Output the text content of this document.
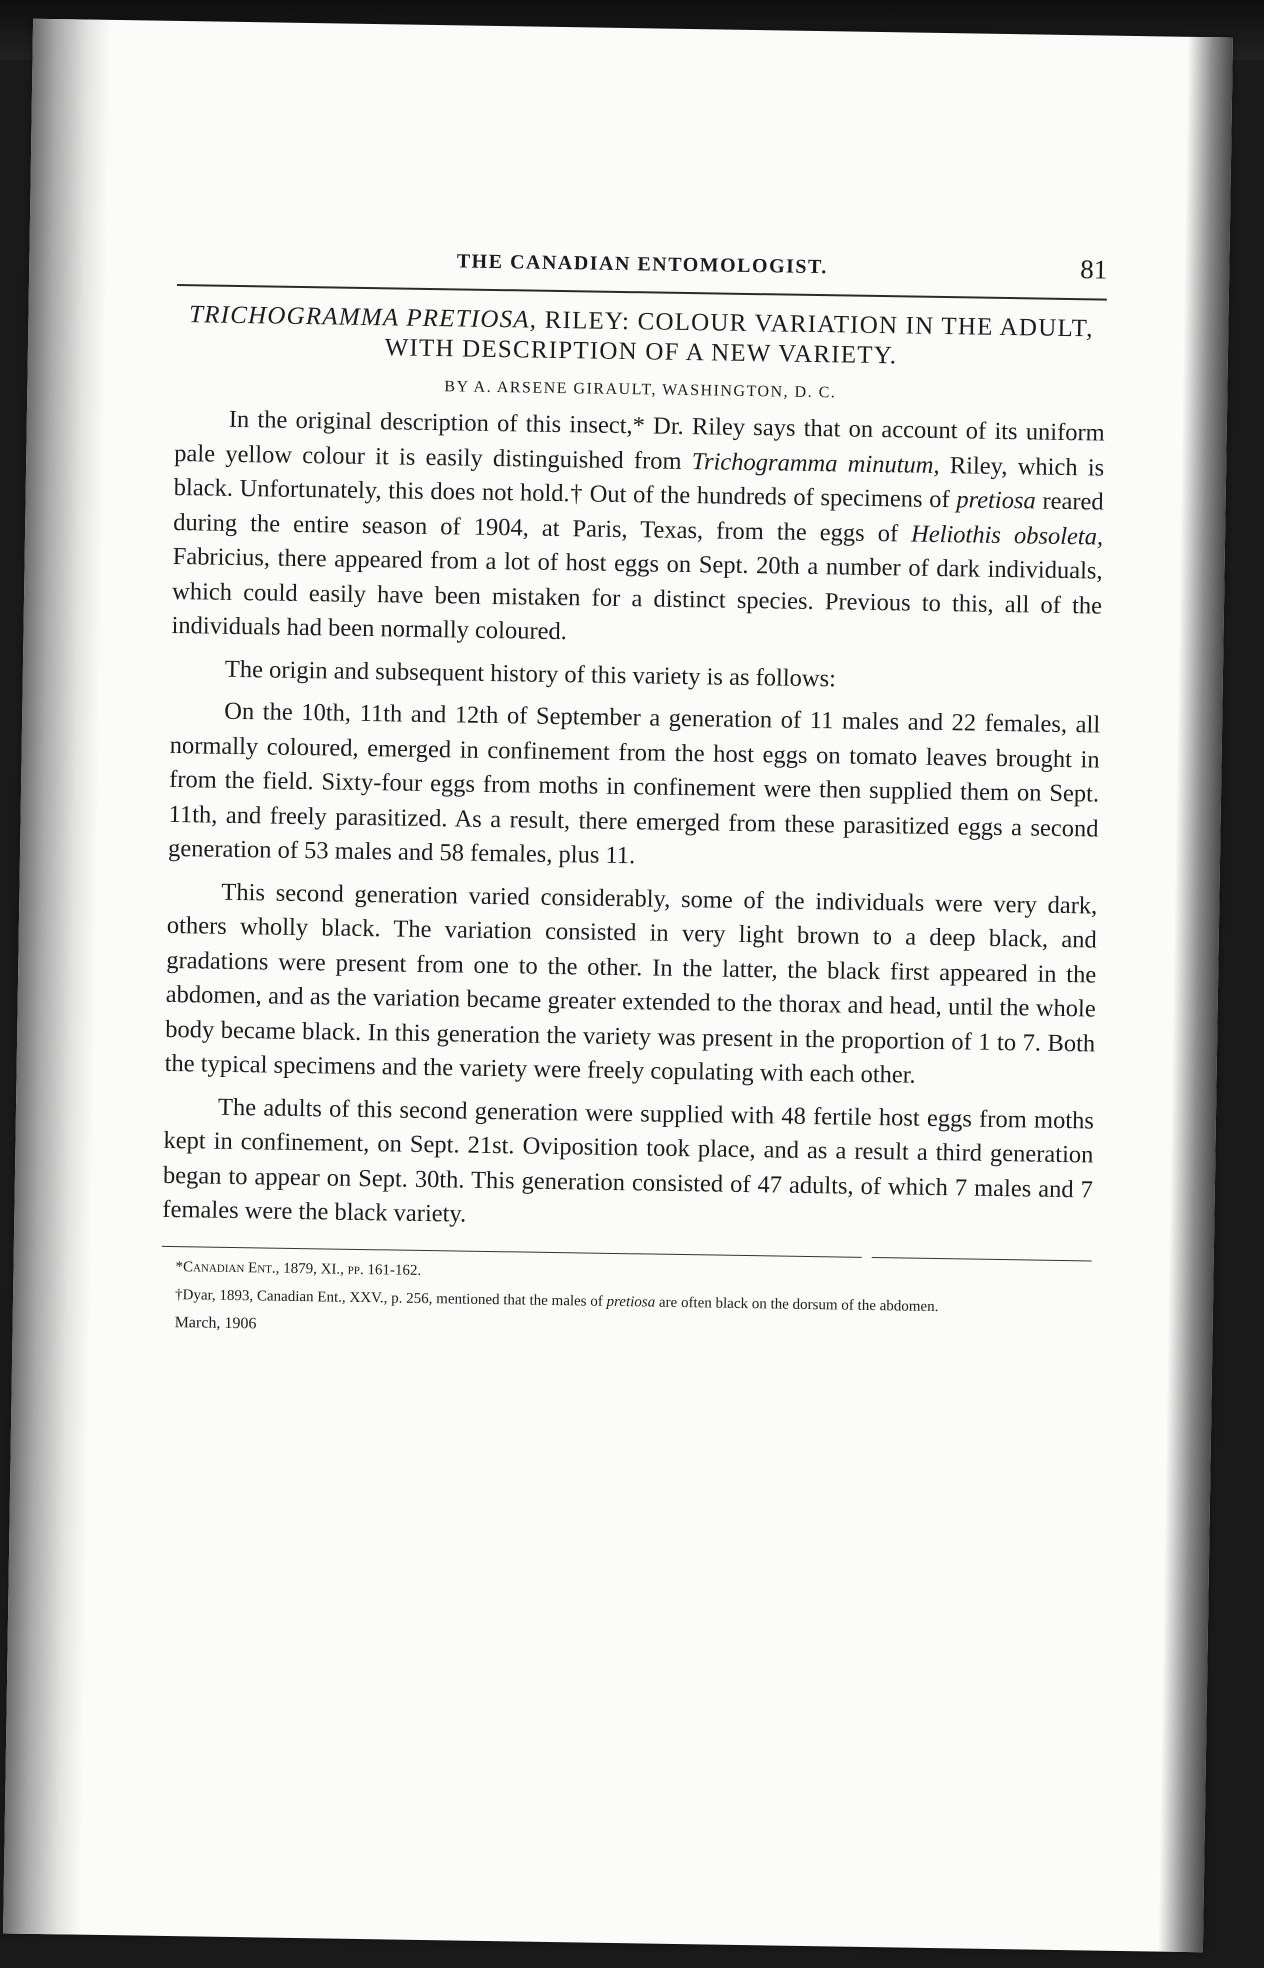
THE CANADIAN ENTOMOLOGIST.	81
TRICHOGRAMMA PRETIOSA, RILEY: COLOUR VARIATION IN THE ADULT, WITH DESCRIPTION OF A NEW VARIETY.
BY A. ARSENE GIRAULT, WASHINGTON, D. C.

In the original description of this insect,* Dr. Riley says that on account of its uniform pale yellow colour it is easily distinguished from Trichogramma minutum, Riley, which is black. Unfortunately, this does not hold.† Out of the hundreds of specimens of pretiosa reared during the entire season of 1904, at Paris, Texas, from the eggs of Heliothis obsoleta, Fabricius, there appeared from a lot of host eggs on Sept. 20th a number of dark individuals, which could easily have been mistaken for a distinct species. Previous to this, all of the individuals had been normally coloured.

The origin and subsequent history of this variety is as follows:

On the 10th, 11th and 12th of September a generation of 11 males and 22 females, all normally coloured, emerged in confinement from the host eggs on tomato leaves brought in from the field. Sixty-four eggs from moths in confinement were then supplied them on Sept. 11th, and freely parasitized. As a result, there emerged from these parasitized eggs a second generation of 53 males and 58 females, plus 11.

This second generation varied considerably, some of the individuals were very dark, others wholly black. The variation consisted in very light brown to a deep black, and gradations were present from one to the other. In the latter, the black first appeared in the abdomen, and as the variation became greater extended to the thorax and head, until the whole body became black. In this generation the variety was present in the proportion of 1 to 7. Both the typical specimens and the variety were freely copulating with each other.

The adults of this second generation were supplied with 48 fertile host eggs from moths kept in confinement, on Sept. 21st. Oviposition took place, and as a result a third generation began to appear on Sept. 30th. This generation consisted of 47 adults, of which 7 males and 7 females were the black variety.

*Canadian Ent., 1879, XI., pp. 161-162.

†Dyar, 1893, Canadian Ent., XXV., p. 256, mentioned that the males of pretiosa are often black on the dorsum of the abdomen.

March, 1906
